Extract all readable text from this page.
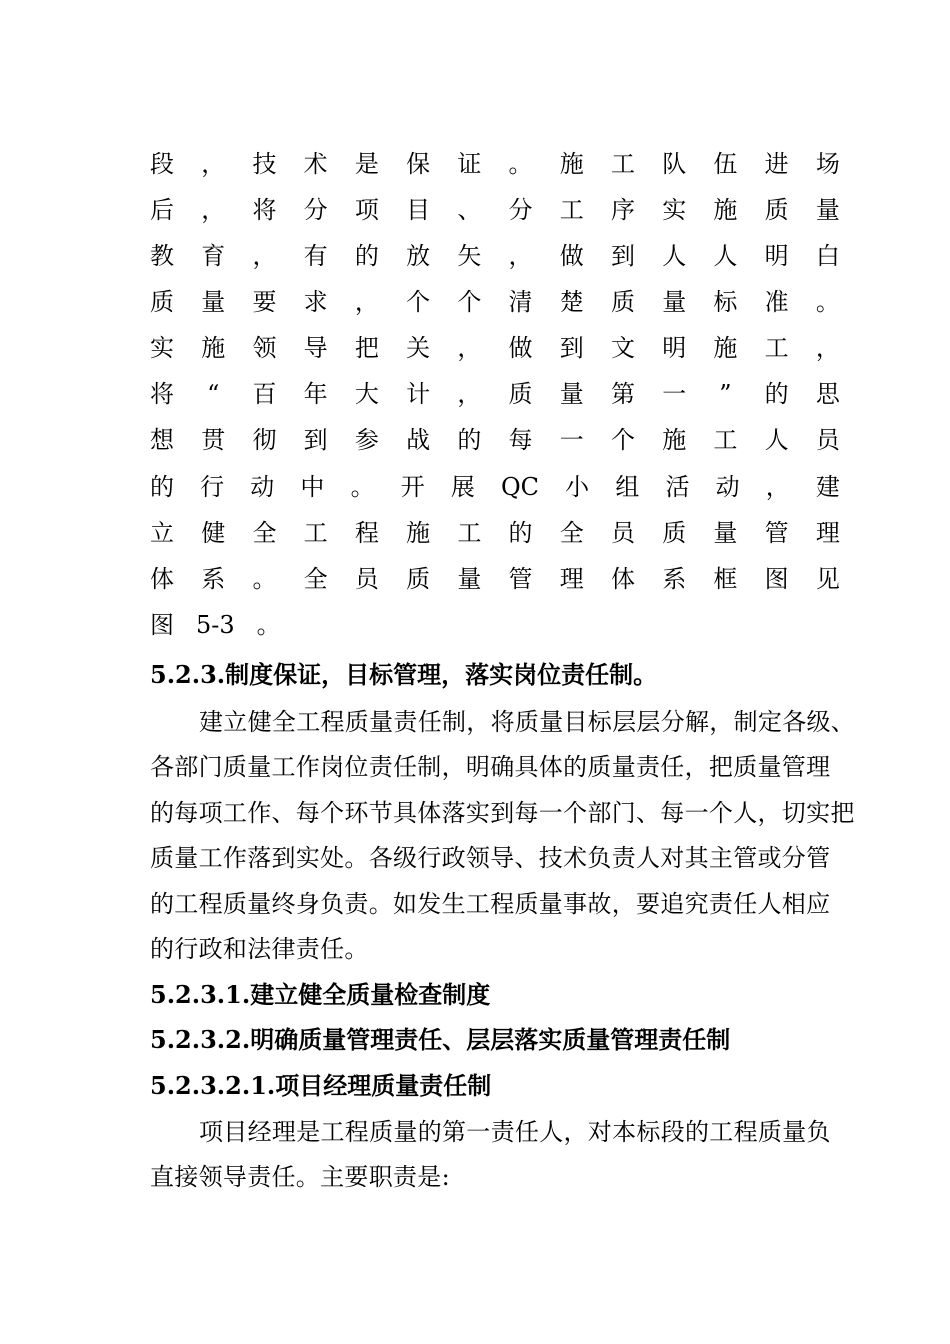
段 ， 技 术 是 保 证 。 施 工 队 伍 进 场
后 ， 将 分 项 目 、 分 工 序 实 施 质 量
教 育 ， 有 的 放 矢 ， 做 到 人 人 明 白
质 量 要 求 ， 个 个 清 楚 质 量 标 准 。
实 施 领 导 把 关 ， 做 到 文 明 施 工 ，
将 “ 百 年 大 计 ， 质 量 第 一 ” 的 思
想 贯 彻 到 参 战 的 每 一 个 施 工 人 员
的 行 动 中 。 开 展 QC 小 组 活 动 ， 建
立 健 全 工 程 施 工 的 全 员 质 量 管 理
体 系 。 全 员 质 量 管 理 体 系 框 图 见
图 5-3 。
5.2.3.制度保证，目标管理，落实岗位责任制。
建立健全工程质量责任制，将质量目标层层分解，制定各级、
各部门质量工作岗位责任制，明确具体的质量责任，把质量管理
的每项工作、每个环节具体落实到每一个部门、每一个人，切实把
质量工作落到实处。各级行政领导、技术负责人对其主管或分管
的工程质量终身负责。如发生工程质量事故，要追究责任人相应
的行政和法律责任。
5.2.3.1.建立健全质量检查制度
5.2.3.2.明确质量管理责任、层层落实质量管理责任制
5.2.3.2.1.项目经理质量责任制
项目经理是工程质量的第一责任人，对本标段的工程质量负
直接领导责任。主要职责是:
